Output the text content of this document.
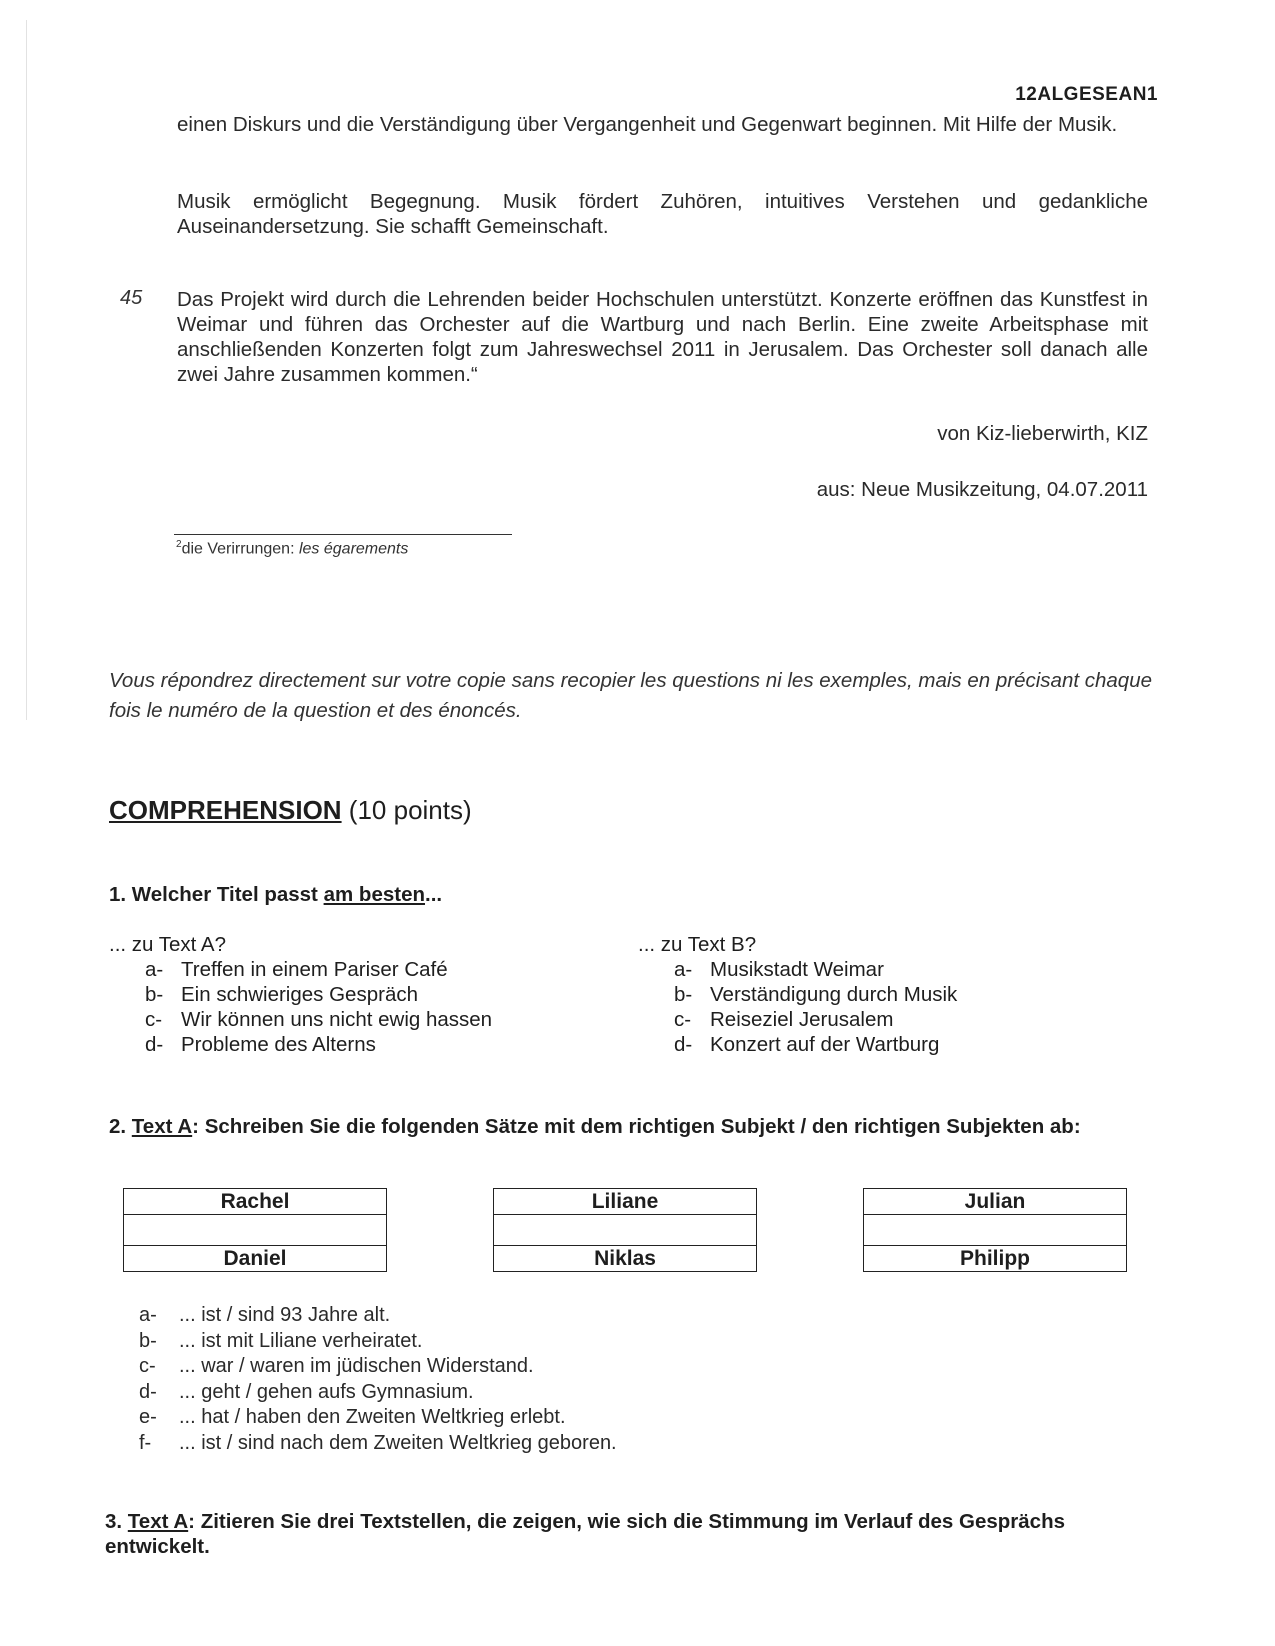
12ALGESEAN1

einen Diskurs und die Verständigung über Vergangenheit und Gegenwart beginnen. Mit Hilfe der Musik.

Musik ermöglicht Begegnung. Musik fördert Zuhören, intuitives Verstehen und gedankliche Auseinandersetzung. Sie schafft Gemeinschaft.

45 Das Projekt wird durch die Lehrenden beider Hochschulen unterstützt. Konzerte eröffnen das Kunstfest in Weimar und führen das Orchester auf die Wartburg und nach Berlin. Eine zweite Arbeitsphase mit anschließenden Konzerten folgt zum Jahreswechsel 2011 in Jerusalem. Das Orchester soll danach alle zwei Jahre zusammen kommen.“

von Kiz-lieberwirth, KIZ
aus: Neue Musikzeitung, 04.07.2011
$^2$die Verirrungen: les égarements
Vous répondrez directement sur votre copie sans recopier les questions ni les exemples, mais en précisant chaque fois le numéro de la question et des énoncés.
COMPREHENSION (10 points)
1. Welcher Titel passt am besten...
... zu Text A?
a- Treffen in einem Pariser Café
b- Ein schwieriges Gespräch
c- Wir können uns nicht ewig hassen
d- Probleme des Alterns
... zu Text B?
a- Musikstadt Weimar
b- Verständigung durch Musik
c- Reiseziel Jerusalem
d- Konzert auf der Wartburg
2. Text A: Schreiben Sie die folgenden Sätze mit dem richtigen Subjekt / den richtigen Subjekten ab:
Rachel
Daniel
Liliane
Niklas
Julian
Philipp
a-	... ist / sind 93 Jahre alt.
b-	... ist mit Liliane verheiratet.
c-	... war / waren im jüdischen Widerstand.
d-	... geht / gehen aufs Gymnasium.
e-	... hat / haben den Zweiten Weltkrieg erlebt.
f-	... ist / sind nach dem Zweiten Weltkrieg geboren.
3. Text A: Zitieren Sie drei Textstellen, die zeigen, wie sich die Stimmung im Verlauf des Gesprächs entwickelt.
